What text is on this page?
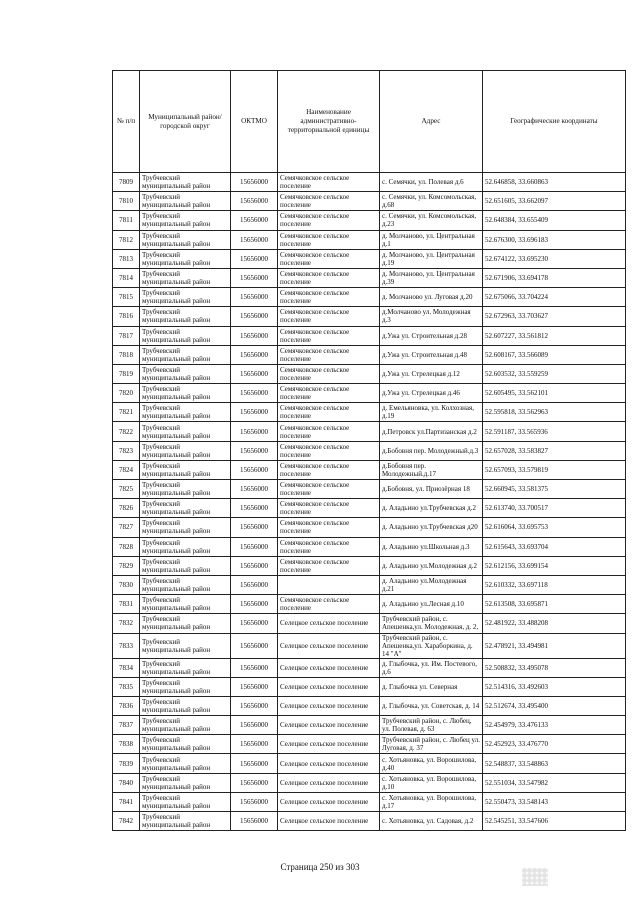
№ п/п	Муниципальный район/городской округ	ОКТМО	Наименование административно-территориальной единицы	Адрес	Географические координаты
7809	Трубчевский муниципальный район	15656000	Семячковское сельское поселение	с. Семячки, ул. Полевая д.6	52.646858, 33.660863
7810	Трубчевский муниципальный район	15656000	Семячковское сельское поселение	с. Семячки, ул. Комсомольская, д.68	52.651605, 33.662097
7811	Трубчевский муниципальный район	15656000	Семячковское сельское поселение	с. Семячки, ул. Комсомольская, д.23	52.648384, 33.655409
7812	Трубчевский муниципальный район	15656000	Семячковское сельское поселение	д. Молчаново, ул. Центральная д.1	52.676300, 33.696183
7813	Трубчевский муниципальный район	15656000	Семячковское сельское поселение	д. Молчаново, ул. Центральная д.19	52.674122, 33.695230
7814	Трубчевский муниципальный район	15656000	Семячковское сельское поселение	д. Молчаново, ул. Центральная д.39	52.671906, 33.694178
7815	Трубчевский муниципальный район	15656000	Семячковское сельское поселение	д. Молчаново ул. Луговая д.20	52.675066, 33.704224
7816	Трубчевский муниципальный район	15656000	Семячковское сельское поселение	д.Молчаново ул. Молодежная д.3	52.672963, 33.703627
7817	Трубчевский муниципальный район	15656000	Семячковское сельское поселение	д.Ужа ул. Строительная д.28	52.607227, 33.561812
7818	Трубчевский муниципальный район	15656000	Семячковское сельское поселение	д.Ужа ул. Строительная д.48	52.608167, 33.566089
7819	Трубчевский муниципальный район	15656000	Семячковское сельское поселение	д.Ужа ул. Стрелецкая д.12	52.603532, 33.559259
7820	Трубчевский муниципальный район	15656000	Семячковское сельское поселение	д.Ужа ул. Стрелецкая д.46	52.605495, 33.562101
7821	Трубчевский муниципальный район	15656000	Семячковское сельское поселение	д. Емельяновка, ул. Колхозная, д.19	52.595818, 33.562963
7822	Трубчевский муниципальный район	15656000	Семячковское сельское поселение	д.Петровск ул.Партизанская д.2	52.591187, 33.565936
7823	Трубчевский муниципальный район	15656000	Семячковское сельское поселение	д.Бобовня пер. Молодежный.д.3	52.657028, 33.583827
7824	Трубчевский муниципальный район	15656000	Семячковское сельское поселение	д.Бобовня пер. Молодежный.д.17	52.657093, 33.579819
7825	Трубчевский муниципальный район	15656000	Семячковское сельское поселение	д.Бобовня, ул. Приозёрная 18	52.660945, 33.581375
7826	Трубчевский муниципальный район	15656000	Семячковское сельское поселение	д. Аладьино ул.Трубчевская д.2	52.613740, 33.700517
7827	Трубчевский муниципальный район	15656000	Семячковское сельское поселение	д. Аладьино ул.Трубчевская д20	52.616064, 33.695753
7828	Трубчевский муниципальный район	15656000	Семячковское сельское поселение	д. Аладьино ул.Школьная д.3	52.615643, 33.693704
7829	Трубчевский муниципальный район	15656000	Семячковское сельское поселение	д. Аладьино ул.Молодежная д.2	52.612156, 33.699154
7830	Трубчевский муниципальный район	15656000		д. Аладьино ул.Молодежная д.21	52.610332, 33.697118
7831	Трубчевский муниципальный район	15656000	Семячковское сельское поселение	д. Аладьино ул.Лесная д.10	52.613508, 33.695871
7832	Трубчевский муниципальный район	15656000	Селецкое сельское поселение	Трубчевский район, с. Апешенка,ул. Молодежная, д. 2,	52.481922, 33.488208
7833	Трубчевский муниципальный район	15656000	Селецкое сельское поселение	Трубчевский район, с. Апешенка,ул. Хараборкина, д. 14 "А"	52.478921, 33.494981
7834	Трубчевский муниципальный район	15656000	Селецкое сельское поселение	д. Глыбочка, ул. Им. Постевого, д.6	52.508832, 33.495078
7835	Трубчевский муниципальный район	15656000	Селецкое сельское поселение	д. Глыбочка ул. Северная	52.514316, 33.492603
7836	Трубчевский муниципальный район	15656000	Селецкое сельское поселение	д. Глыбочка, ул. Советская, д. 14	52.512674, 33.495400
7837	Трубчевский муниципальный район	15656000	Селецкое сельское поселение	Трубчевский район, с. Любец, ул. Полевая, д. 63	52.454979, 33.476133
7838	Трубчевский муниципальный район	15656000	Селецкое сельское поселение	Трубчевский район, с. Любец ул. Луговая, д. 37	52.452923, 33.476770
7839	Трубчевский муниципальный район	15656000	Селецкое сельское поселение	с. Хотьяновка, ул. Ворошилова, д.40	52.548837, 33.548863
7840	Трубчевский муниципальный район	15656000	Селецкое сельское поселение	с. Хотьяновка, ул. Ворошилова, д.10	52.551034, 33.547982
7841	Трубчевский муниципальный район	15656000	Селецкое сельское поселение	с. Хотьяновка, ул. Ворошилова, д.17	52.550473, 33.548143
7842	Трубчевский муниципальный район	15656000	Селецкое сельское поселение	с. Хотьяновка, ул. Садовая, д.2	52.545251, 33.547606
Страница 250 из 303
